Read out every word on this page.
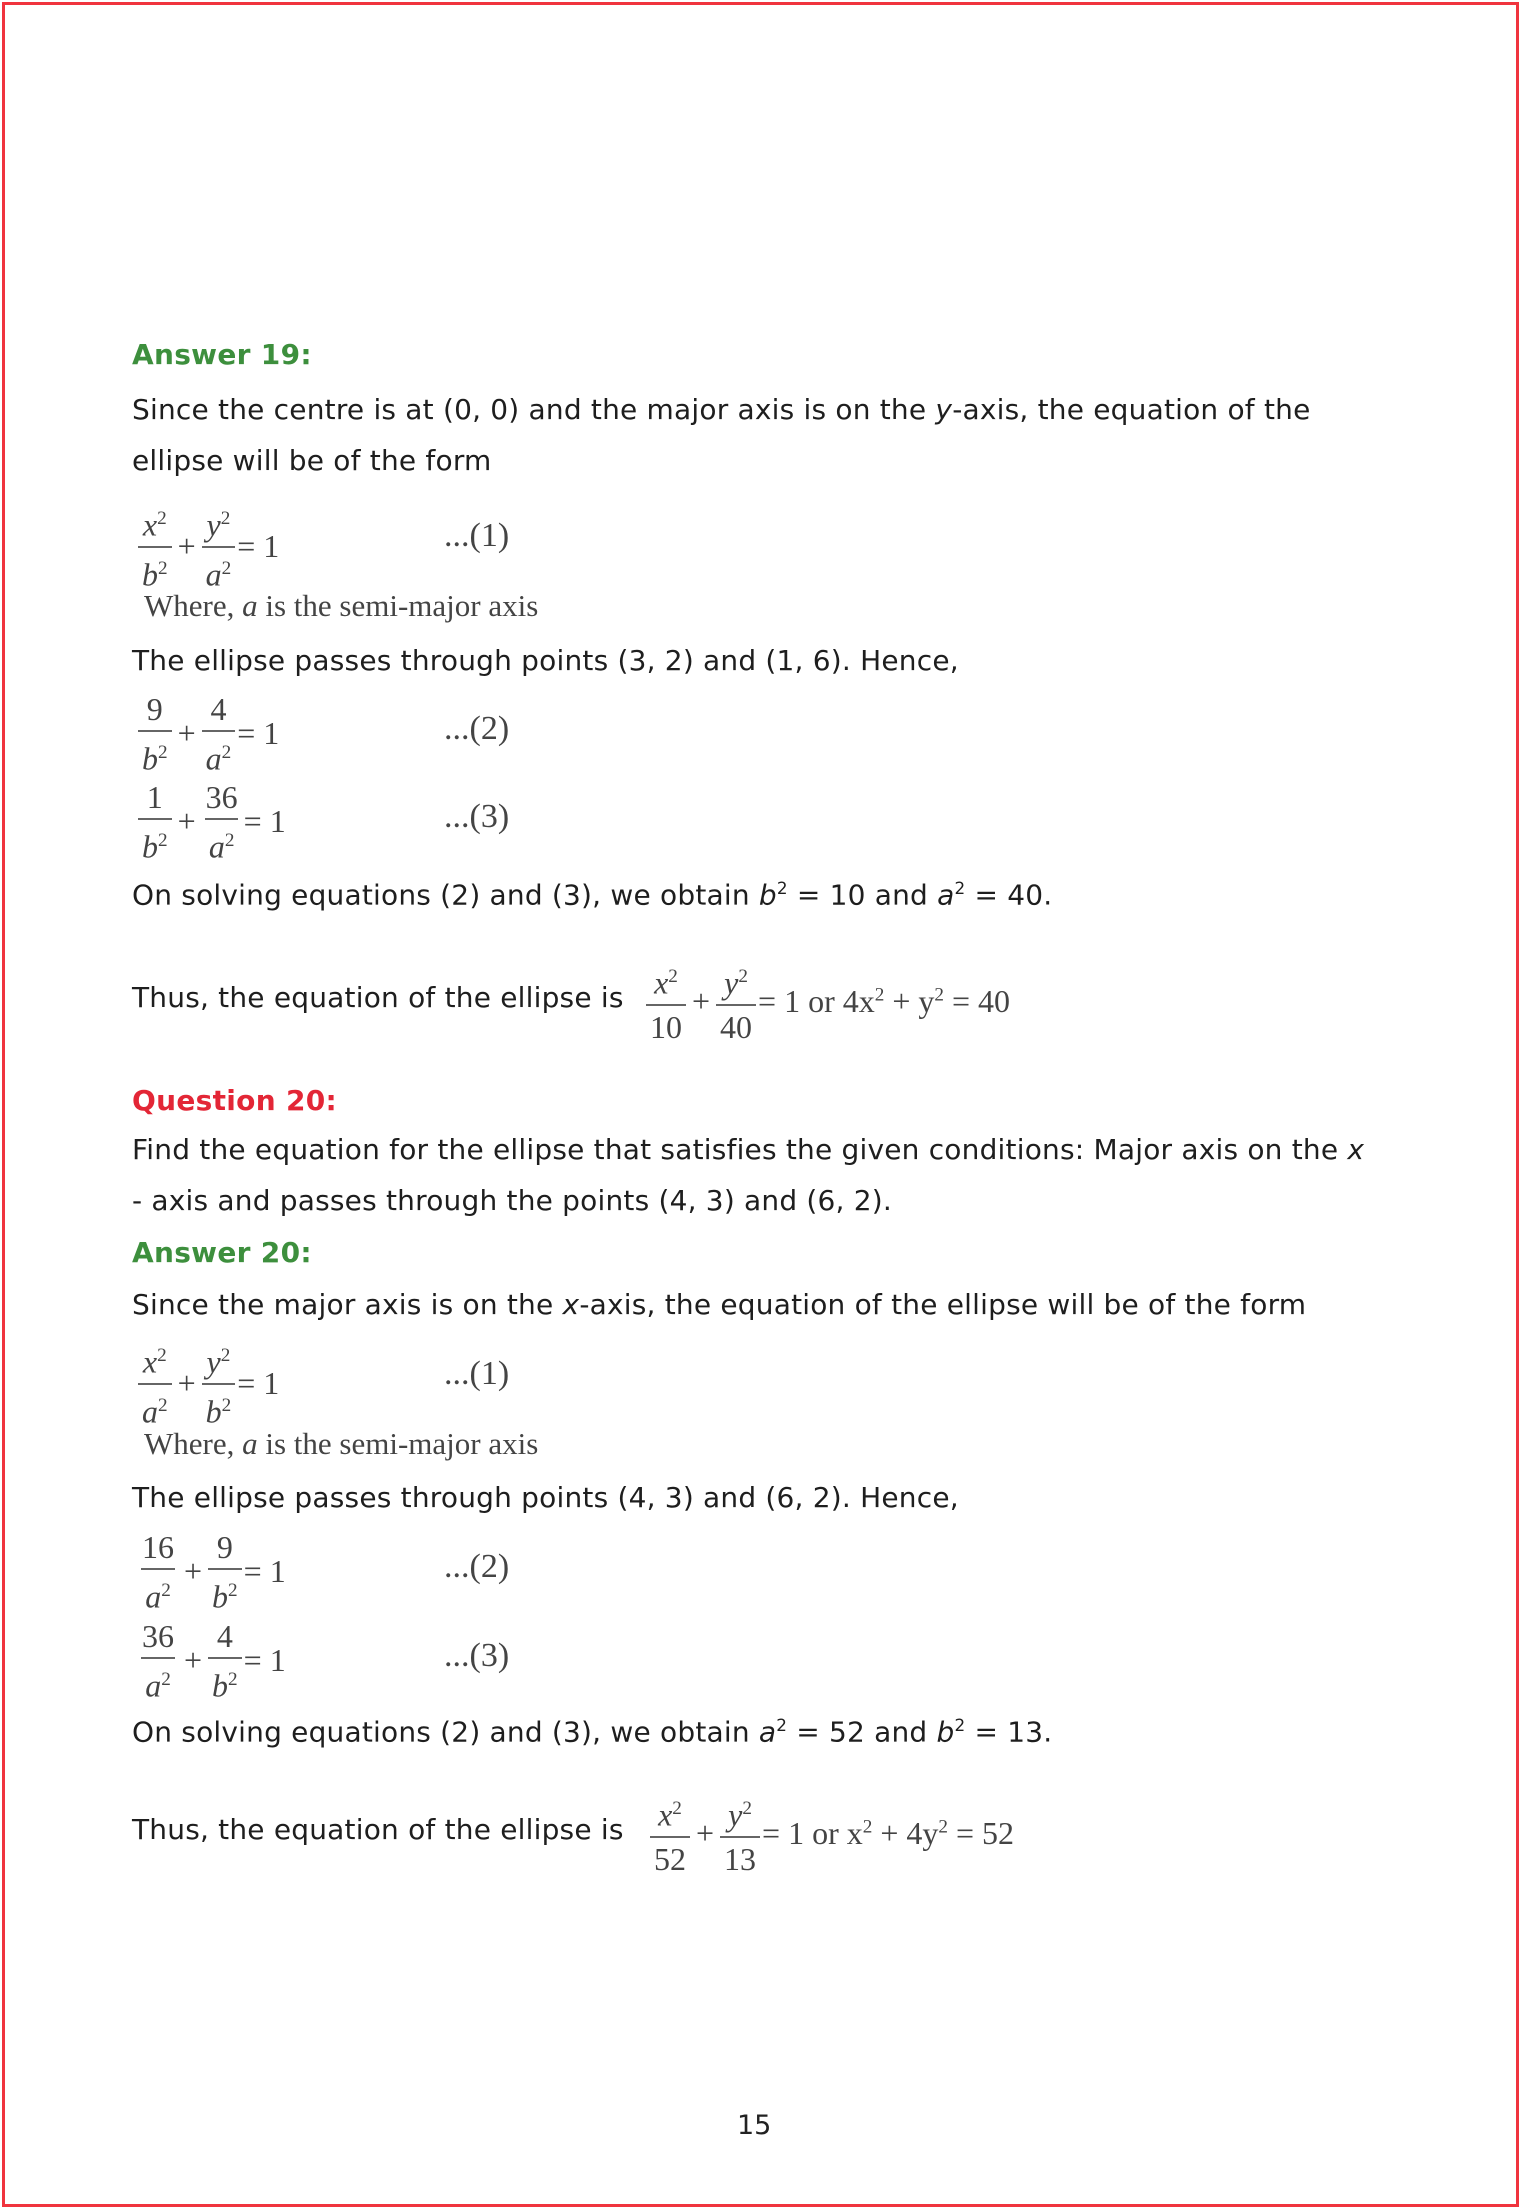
Answer 19:
Since the centre is at (0, 0) and the major axis is on the y-axis, the equation of the ellipse will be of the form
$\frac{x^2}{b^2} + \frac{y^2}{a^2} = 1$	...(1)
Where, a is the semi-major axis
The ellipse passes through points (3, 2) and (1, 6). Hence,
$\frac{9}{b^2} + \frac{4}{a^2} = 1$	...(2)
$\frac{1}{b^2} + \frac{36}{a^2} = 1$	...(3)
On solving equations (2) and (3), we obtain $b^2 = 10$ and $a^2 = 40$.
Thus, the equation of the ellipse is $\frac{x^2}{10} + \frac{y^2}{40} = 1$ or $4x^2 + y^2 = 40$
Question 20:
Find the equation for the ellipse that satisfies the given conditions: Major axis on the x - axis and passes through the points (4, 3) and (6, 2).
Answer 20:
Since the major axis is on the x-axis, the equation of the ellipse will be of the form
$\frac{x^2}{a^2} + \frac{y^2}{b^2} = 1$	...(1)
Where, a is the semi-major axis
The ellipse passes through points (4, 3) and (6, 2). Hence,
$\frac{16}{a^2} + \frac{9}{b^2} = 1$	...(2)
$\frac{36}{a^2} + \frac{4}{b^2} = 1$	...(3)
On solving equations (2) and (3), we obtain $a^2 = 52$ and $b^2 = 13$.
Thus, the equation of the ellipse is $\frac{x^2}{52} + \frac{y^2}{13} = 1$ or $x^2 + 4y^2 = 52$
15
